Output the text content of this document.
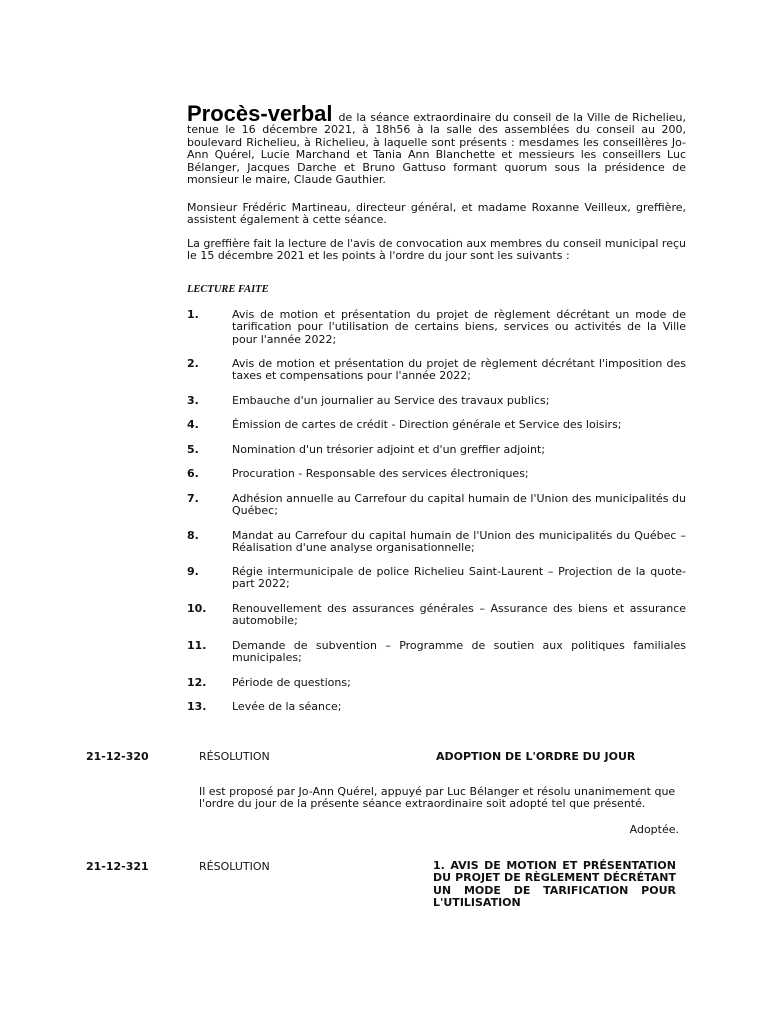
Procès-verbal de la séance extraordinaire du conseil de la Ville de Richelieu, tenue le 16 décembre 2021, à 18h56 à la salle des assemblées du conseil au 200, boulevard Richelieu, à Richelieu, à laquelle sont présents : mesdames les conseillères Jo-Ann Quérel, Lucie Marchand et Tania Ann Blanchette et messieurs les conseillers Luc Bélanger, Jacques Darche et Bruno Gattuso formant quorum sous la présidence de monsieur le maire, Claude Gauthier.
Monsieur Frédéric Martineau, directeur général, et madame Roxanne Veilleux, greffière, assistent également à cette séance.
La greffière fait la lecture de l'avis de convocation aux membres du conseil municipal reçu le 15 décembre 2021 et les points à l'ordre du jour sont les suivants :
LECTURE FAITE
1.	Avis de motion et présentation du projet de règlement décrétant un mode de tarification pour l'utilisation de certains biens, services ou activités de la Ville pour l'année 2022;
2.	Avis de motion et présentation du projet de règlement décrétant l'imposition des taxes et compensations pour l'année 2022;
3.	Embauche d'un journalier au Service des travaux publics;
4.	Émission de cartes de crédit - Direction générale et Service des loisirs;
5.	Nomination d'un trésorier adjoint et d'un greffier adjoint;
6.	Procuration - Responsable des services électroniques;
7.	Adhésion annuelle au Carrefour du capital humain de l'Union des municipalités du Québec;
8.	Mandat au Carrefour du capital humain de l'Union des municipalités du Québec – Réalisation d'une analyse organisationnelle;
9.	Régie intermunicipale de police Richelieu Saint-Laurent – Projection de la quote-part 2022;
10. Renouvellement des assurances générales – Assurance des biens et assurance automobile;
11. Demande de subvention – Programme de soutien aux politiques familiales municipales;
12. Période de questions;
13. Levée de la séance;
21-12-320	RÉSOLUTION	ADOPTION DE L'ORDRE DU JOUR
Il est proposé par Jo-Ann Quérel, appuyé par Luc Bélanger et résolu unanimement que l'ordre du jour de la présente séance extraordinaire soit adopté tel que présenté.
Adoptée.
21-12-321	RÉSOLUTION	1. AVIS DE MOTION ET PRÉSENTATION DU PROJET DE RÈGLEMENT DÉCRÉTANT UN MODE DE TARIFICATION POUR L'UTILISATION
